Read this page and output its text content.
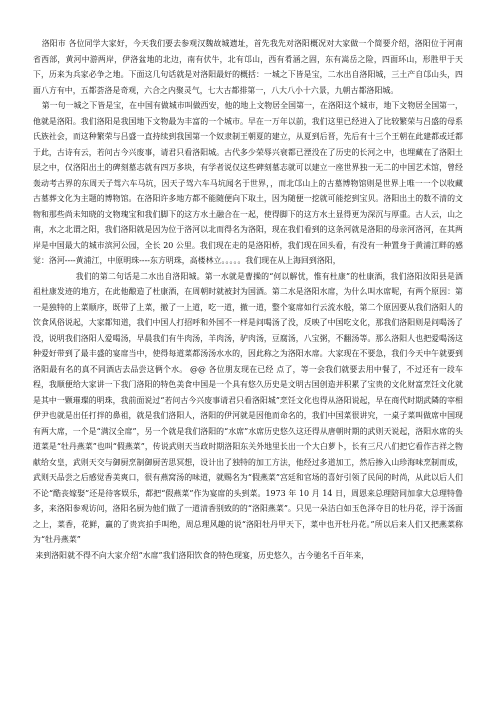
洛阳市 各位同学大家好，今天我们要去参观汉魏故城遗址，首先我先对洛阳概况对大家做一个简要介绍，洛阳位于河南省西部，黄河中游两岸，伊洛盆地的北边，南有伏牛，北有邙山，西有肴涵之固，东有嵩岳之险，四面环山，形胜甲于天下，历来为兵家必争之地。下面这几句话就是对洛阳最好的概括：一城之下皆是宝，二水出自洛阳城，三土产自邙山头，四面八方有中，五都荟洛是奇观，六合之内聚灵气，七大古都排第一，八大八小十六景，九朝古都洛阳城。

第一句一城之下皆是宝，在中国有做城市叫做西安，他的地上文物居全国第一，在洛阳这个城市，地下文物居全国第一，他就是洛阳。我们洛阳是我国地下文物最为丰富的一个城市。早在一万年以前，我们这里已经进入了比较繁荣与吕盛的母系氏族社会，而这种繁荣与吕盛一直持续到我国第一个奴隶制王朝夏的建立，从夏到后晋，先后有十三个王朝在此建都或迁都于此，古诗有云，若问古今兴废事，请君只看洛阳城。古代多少荣辱兴衰都已湮没在了历史的长河之中，也埋藏在了洛阳土层之中，仅洛阳出土的碑刻墓志就有四万多块，有学者说仅这些碑刻墓志就可以建立一座世界独一无二的中国艺术馆，曾经轰动考古界的东周天子驾六车马坑，因天子驾六车马坑闻名于世界，，而北邙山上的古墓博物馆则是世界上唯一一个以收藏古墓葬文化为主题的博物馆。在洛阳许多地方都不能随便向下取土，因为随便一挖就可能挖到宝贝。洛阳出土的数不清的文物和那些尚未知晓的文物瑰宝和我们脚下的这方水土融合在一起，使得脚下的这方水土显得更为深沉与厚重。古人云，山之南，水之北谓之阳，我们洛阳就是因为位于洛河以北而得名为洛阳，现在我们看到的这条河就是洛阳的母亲河洛河，在其两岸是中国最大的城市滨河公园，全长 20 公里。我们现在走的是洛阳桥，我们现在回头看，有没有一种置身于黄浦江畔的感觉：洛河----黄浦江，中原明珠----东方明珠，高楼林立。。。。。我们现在从上海回到洛阳，

我们的第二句话是二水出自洛阳城。第一水就是曹操的“何以解忧，惟有杜康”的杜康酒，我们洛阳汝阳县是酒祖杜康发迹的地方，在此他酿造了杜康酒，在周朝时就被封为国酒。第二水是洛阳水席，为什么叫水席呢，有两个原因：第一是独特的上菜顺序，既带了上菜，撤了一上道，吃一道，撤一道，整个宴席如行云流水般，第二个原因要从我们洛阳人的饮食风俗说起，大家都知道，我们中国人打招呼和外国不一样是问喝汤了没，反映了中国吃文化，那我们洛阳则是问喝汤了没，说明我们洛阳人爱喝汤，早晨我们有牛肉汤，羊肉汤，驴肉汤，豆腐汤，八宝粥，不翻汤等。那么洛阳人也把爱喝汤这种爱好带到了最丰盛的宴席当中，使得每道菜都汤汤水水的，因此称之为洛阳水席。大家现在不要急，我们今天中午就要到洛阳最有名的真不同酒店去品尝这俩个水。 @@ 各位朋友现在已经 点了，等一会我们就要去用中餐了，不过还有一段车程，我顺便给大家讲一下我门洛阳的特色美食中国是一个具有悠久历史是文明古国创造并积累了宝贵的文化财富烹饪文化就是其中一颗璀璨的明珠，我前面说过“若问古今兴废事请君只看洛阳城”烹饪文化也得从洛阳说起，早在商代时期武隣的宰相伊尹也就是出任打拌的鼻祖，就是我们洛阳人，洛阳的伊河就是因他而命名的，我们中国菜很讲究，一桌子菜叫做席中国现有两大席，一个是“满汉全席”，另一个就是我们洛阳的“水席”水席历史悠久这还得从唐朝时期的武则天说起，洛阳水席的头道菜是“牡丹燕菜”也叫“假燕菜”，传说武则天当政时期洛阳东关外地里长出一个大白萝卜，长有三尺八们把它看作吉祥之物献给女皇，武则天交与御厨烹制御厨苦思冥想，设计出了独特的加工方法，他经过多道加工，然后掺入山珍海味烹制而成，武则天品尝之后感觉香美爽口，很有燕窝汤的味道，就赐名为“假燕菜”宫廷和官场的喜好引领了民间的时尚，从此以后人们不论“酷丧嫁娶”还是待客娱乐，都把“假燕菜”作为宴席的头到菜。1973 年 10 月 14 日，周恩来总理陪同加拿大总理特鲁多，来洛阳参观访问，洛阳名厨为他们做了一道清香别致的的“洛阳燕菜”。只见一朵洁白如玉色泽夺目的牡丹花，浮于汤面之上，菜香，花鲜，赢的了贵宾拍手叫绝，周总理风趣的说“洛阳牡丹甲天下，菜中也开牡丹花。”所以后来人们又把燕菜称为“牡丹燕菜”

来到洛阳就不得不向大家介绍“水席”我们洛阳饮食的特色现宴，历史悠久，古今驰名千百年来，
